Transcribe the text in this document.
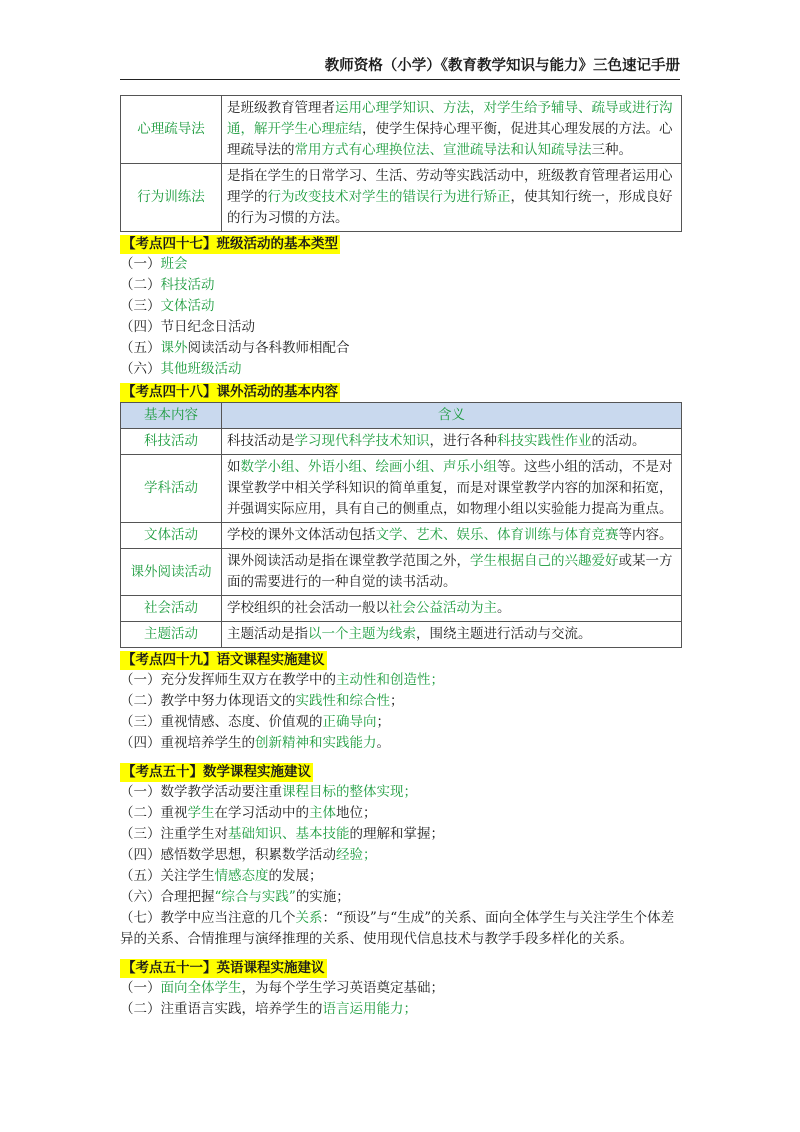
教师资格（小学）《教育教学知识与能力》三色速记手册
心理疏导法	是班级教育管理者运用心理学知识、方法，对学生给予辅导、疏导或进行沟通，解开学生心理症结，使学生保持心理平衡，促进其心理发展的方法。心理疏导法的常用方式有心理换位法、宣泄疏导法和认知疏导法三种。
行为训练法	是指在学生的日常学习、生活、劳动等实践活动中，班级教育管理者运用心理学的行为改变技术对学生的错误行为进行矫正，使其知行统一，形成良好的行为习惯的方法。
【考点四十七】班级活动的基本类型
（一）班会
（二）科技活动
（三）文体活动
（四）节日纪念日活动
（五）课外阅读活动与各科教师相配合
（六）其他班级活动
【考点四十八】课外活动的基本内容
基本内容	含义
科技活动	科技活动是学习现代科学技术知识，进行各种科技实践性作业的活动。
学科活动	如数学小组、外语小组、绘画小组、声乐小组等。这些小组的活动，不是对课堂教学中相关学科知识的简单重复，而是对课堂教学内容的加深和拓宽，并强调实际应用，具有自己的侧重点，如物理小组以实验能力提高为重点。
文体活动	学校的课外文体活动包括文学、艺术、娱乐、体育训练与体育竞赛等内容。
课外阅读活动	课外阅读活动是指在课堂教学范围之外，学生根据自己的兴趣爱好或某一方面的需要进行的一种自觉的读书活动。
社会活动	学校组织的社会活动一般以社会公益活动为主。
主题活动	主题活动是指以一个主题为线索，围绕主题进行活动与交流。
【考点四十九】语文课程实施建议
（一）充分发挥师生双方在教学中的主动性和创造性；
（二）教学中努力体现语文的实践性和综合性；
（三）重视情感、态度、价值观的正确导向；
（四）重视培养学生的创新精神和实践能力。
【考点五十】数学课程实施建议
（一）数学教学活动要注重课程目标的整体实现；
（二）重视学生在学习活动中的主体地位；
（三）注重学生对基础知识、基本技能的理解和掌握；
（四）感悟数学思想，积累数学活动经验；
（五）关注学生情感态度的发展；
（六）合理把握“综合与实践”的实施；
（七）教学中应当注意的几个关系：“预设”与“生成”的关系、面向全体学生与关注学生个体差异的关系、合情推理与演绎推理的关系、使用现代信息技术与教学手段多样化的关系。
【考点五十一】英语课程实施建议
（一）面向全体学生，为每个学生学习英语奠定基础；
（二）注重语言实践，培养学生的语言运用能力；
